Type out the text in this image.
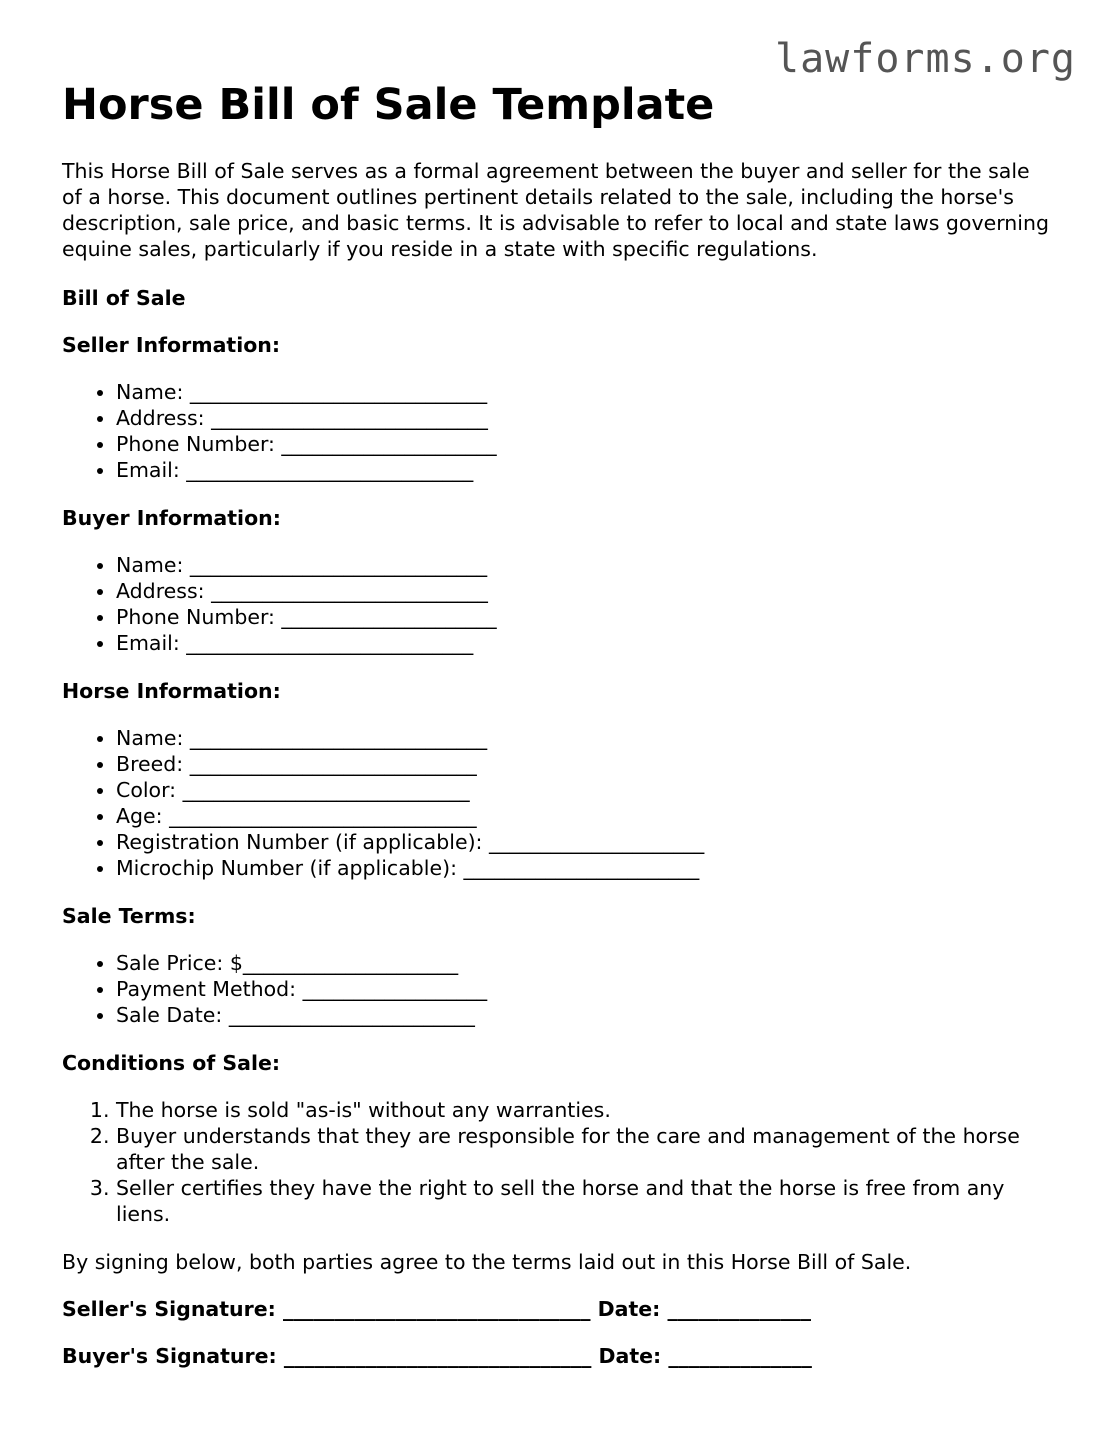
lawforms.org

Horse Bill of Sale Template

This Horse Bill of Sale serves as a formal agreement between the buyer and seller for the sale of a horse. This document outlines pertinent details related to the sale, including the horse's description, sale price, and basic terms. It is advisable to refer to local and state laws governing equine sales, particularly if you reside in a state with specific regulations.

Bill of Sale
Seller Information:
• Name: _____________________________
• Address: ___________________________
• Phone Number: _____________________
• Email: ____________________________
Buyer Information:
• Name: _____________________________
• Address: ___________________________
• Phone Number: _____________________
• Email: ____________________________
Horse Information:
• Name: _____________________________
• Breed: ____________________________
• Color: ____________________________
• Age: ______________________________
• Registration Number (if applicable): _____________________
• Microchip Number (if applicable): _______________________
Sale Terms:
• Sale Price: $_____________________
• Payment Method: __________________
• Sale Date: ________________________
Conditions of Sale:
1. The horse is sold "as-is" without any warranties.
2. Buyer understands that they are responsible for the care and management of the horse after the sale.
3. Seller certifies they have the right to sell the horse and that the horse is free from any liens.

By signing below, both parties agree to the terms laid out in this Horse Bill of Sale.

Seller's Signature: ______________________________ Date: ______________

Buyer's Signature: ______________________________ Date: ______________
